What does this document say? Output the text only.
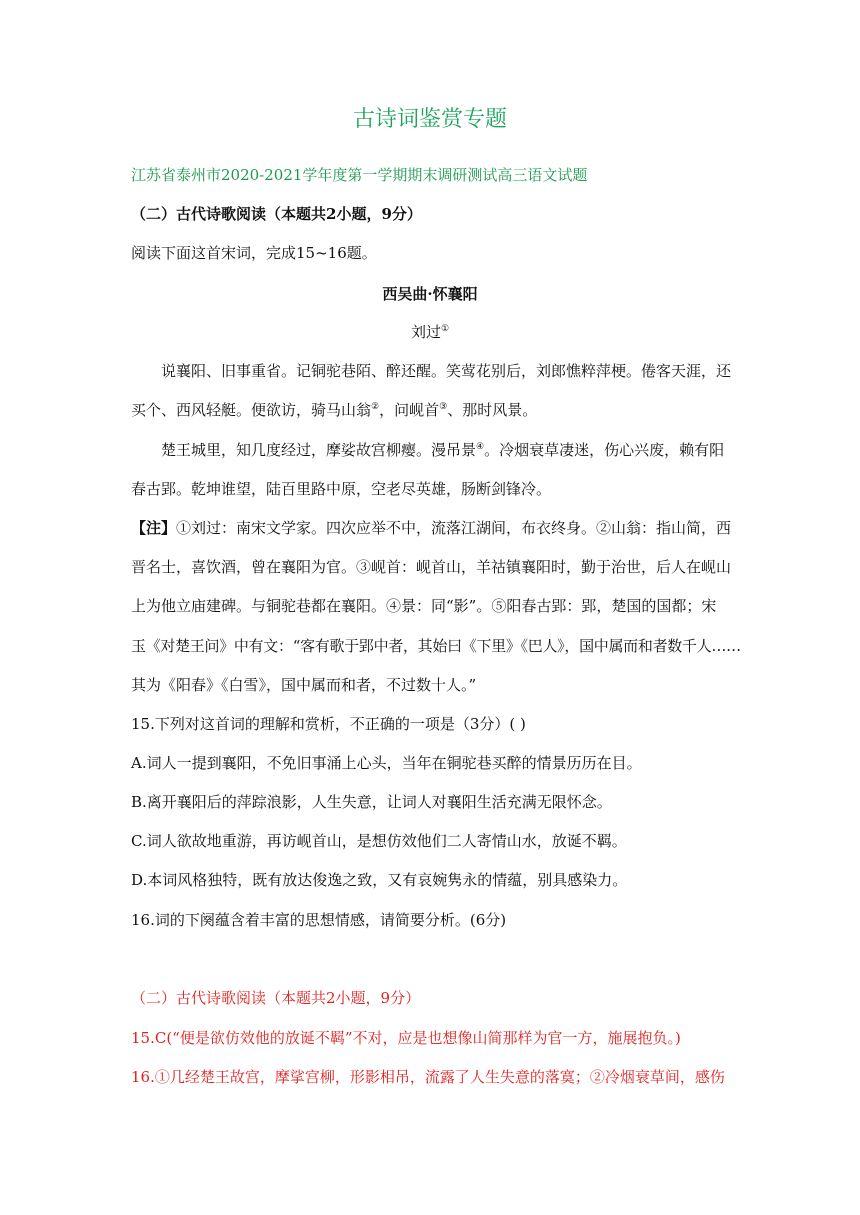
古诗词鉴赏专题
江苏省泰州市2020-2021学年度第一学期期末调研测试高三语文试题
（二）古代诗歌阅读（本题共2小题，9分）
阅读下面这首宋词，完成15~16题。
西吴曲·怀襄阳
刘过①
说襄阳、旧事重省。记铜驼巷陌、醉还醒。笑莺花别后，刘郎憔粹萍梗。倦客天涯，还
买个、西风轻艇。便欲访，骑马山翁②，问岘首③、那时风景。
楚王城里，知几度经过，摩娑故宫柳瘿。漫吊景④。冷烟衰草凄迷，伤心兴废，赖有阳
春古郢。乾坤谁望，陆百里路中原，空老尽英雄，肠断剑锋冷。
【注】①刘过：南宋文学家。四次应举不中，流落江湖间，布衣终身。②山翁：指山简，西
晋名士，喜饮酒，曾在襄阳为官。③岘首：岘首山，羊祜镇襄阳时，勤于治世，后人在岘山
上为他立庙建碑。与铜驼巷都在襄阳。④景：同“影”。⑤阳春古郢：郢，楚国的国都；宋
玉《对楚王问》中有文：“客有歌于郢中者，其始曰《下里》《巴人》，国中属而和者数千人……
其为《阳春》《白雪》，国中属而和者，不过数十人。”
15.下列对这首词的理解和赏析，不正确的一项是（3分）( )
A.词人一提到襄阳，不免旧事涌上心头，当年在铜驼巷买醉的情景历历在目。
B.离开襄阳后的萍踪浪影，人生失意，让词人对襄阳生活充满无限怀念。
C.词人欲故地重游，再访岘首山，是想仿效他们二人寄情山水，放诞不羁。
D.本词风格独特，既有放达俊逸之致，又有哀婉隽永的情蕴，别具感染力。
16.词的下阕蕴含着丰富的思想情感，请简要分析。(6分)
（二）古代诗歌阅读（本题共2小题，9分）
15.C(“便是欲仿效他的放诞不羁”不对，应是也想像山简那样为官一方，施展抱负。)
16.①几经楚王故宫，摩挲宫柳，形影相吊，流露了人生失意的落寞；②冷烟衰草间，感伤
